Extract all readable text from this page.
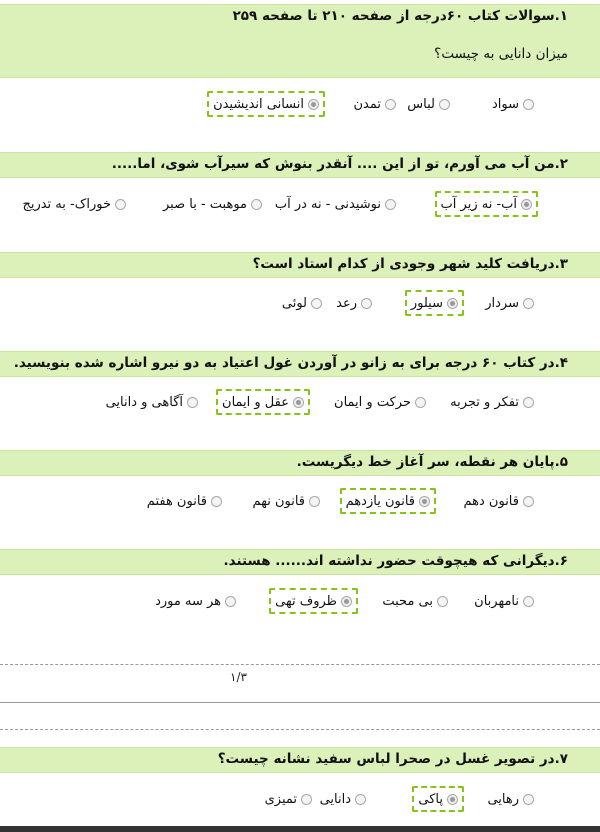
۱.سوالات کتاب ۶۰درجه از صفحه ۲۱۰ تا صفحه ۲۵۹
میزان دانایی به چیست؟
سواد
لباس
تمدن
انسانی اندیشیدن
۲.من آب می آورم، تو از این .... آنقدر بنوش که سیرآب شوی، اما.....
آب- نه زیر آب
نوشیدنی - نه در آب
موهبت - با صبر
خوراک- به تدریج
۳.دریافت کلید شهر وجودی از کدام استاد است؟
سردار
سیلور
رعد
لوئی
۴.در کتاب ۶۰ درجه برای به زانو در آوردن غول اعتیاد به دو نیرو اشاره شده بنویسید.
تفکر و تجربه
حرکت و ایمان
عقل و ایمان
آگاهی و دانایی
۵.پایان هر نقطه، سر آغاز خط دیگریست.
قانون دهم
قانون یازدهم
قانون نهم
قانون هفتم
۶.دیگرانی که هیچوقت حضور نداشته اند...... هستند.
نامهربان
بی محبت
ظروف تهی
هر سه مورد
۱/۳
۷.در تصویر غسل در صحرا لباس سفید نشانه چیست؟
رهایی
پاکی
دانایی
تمیزی
